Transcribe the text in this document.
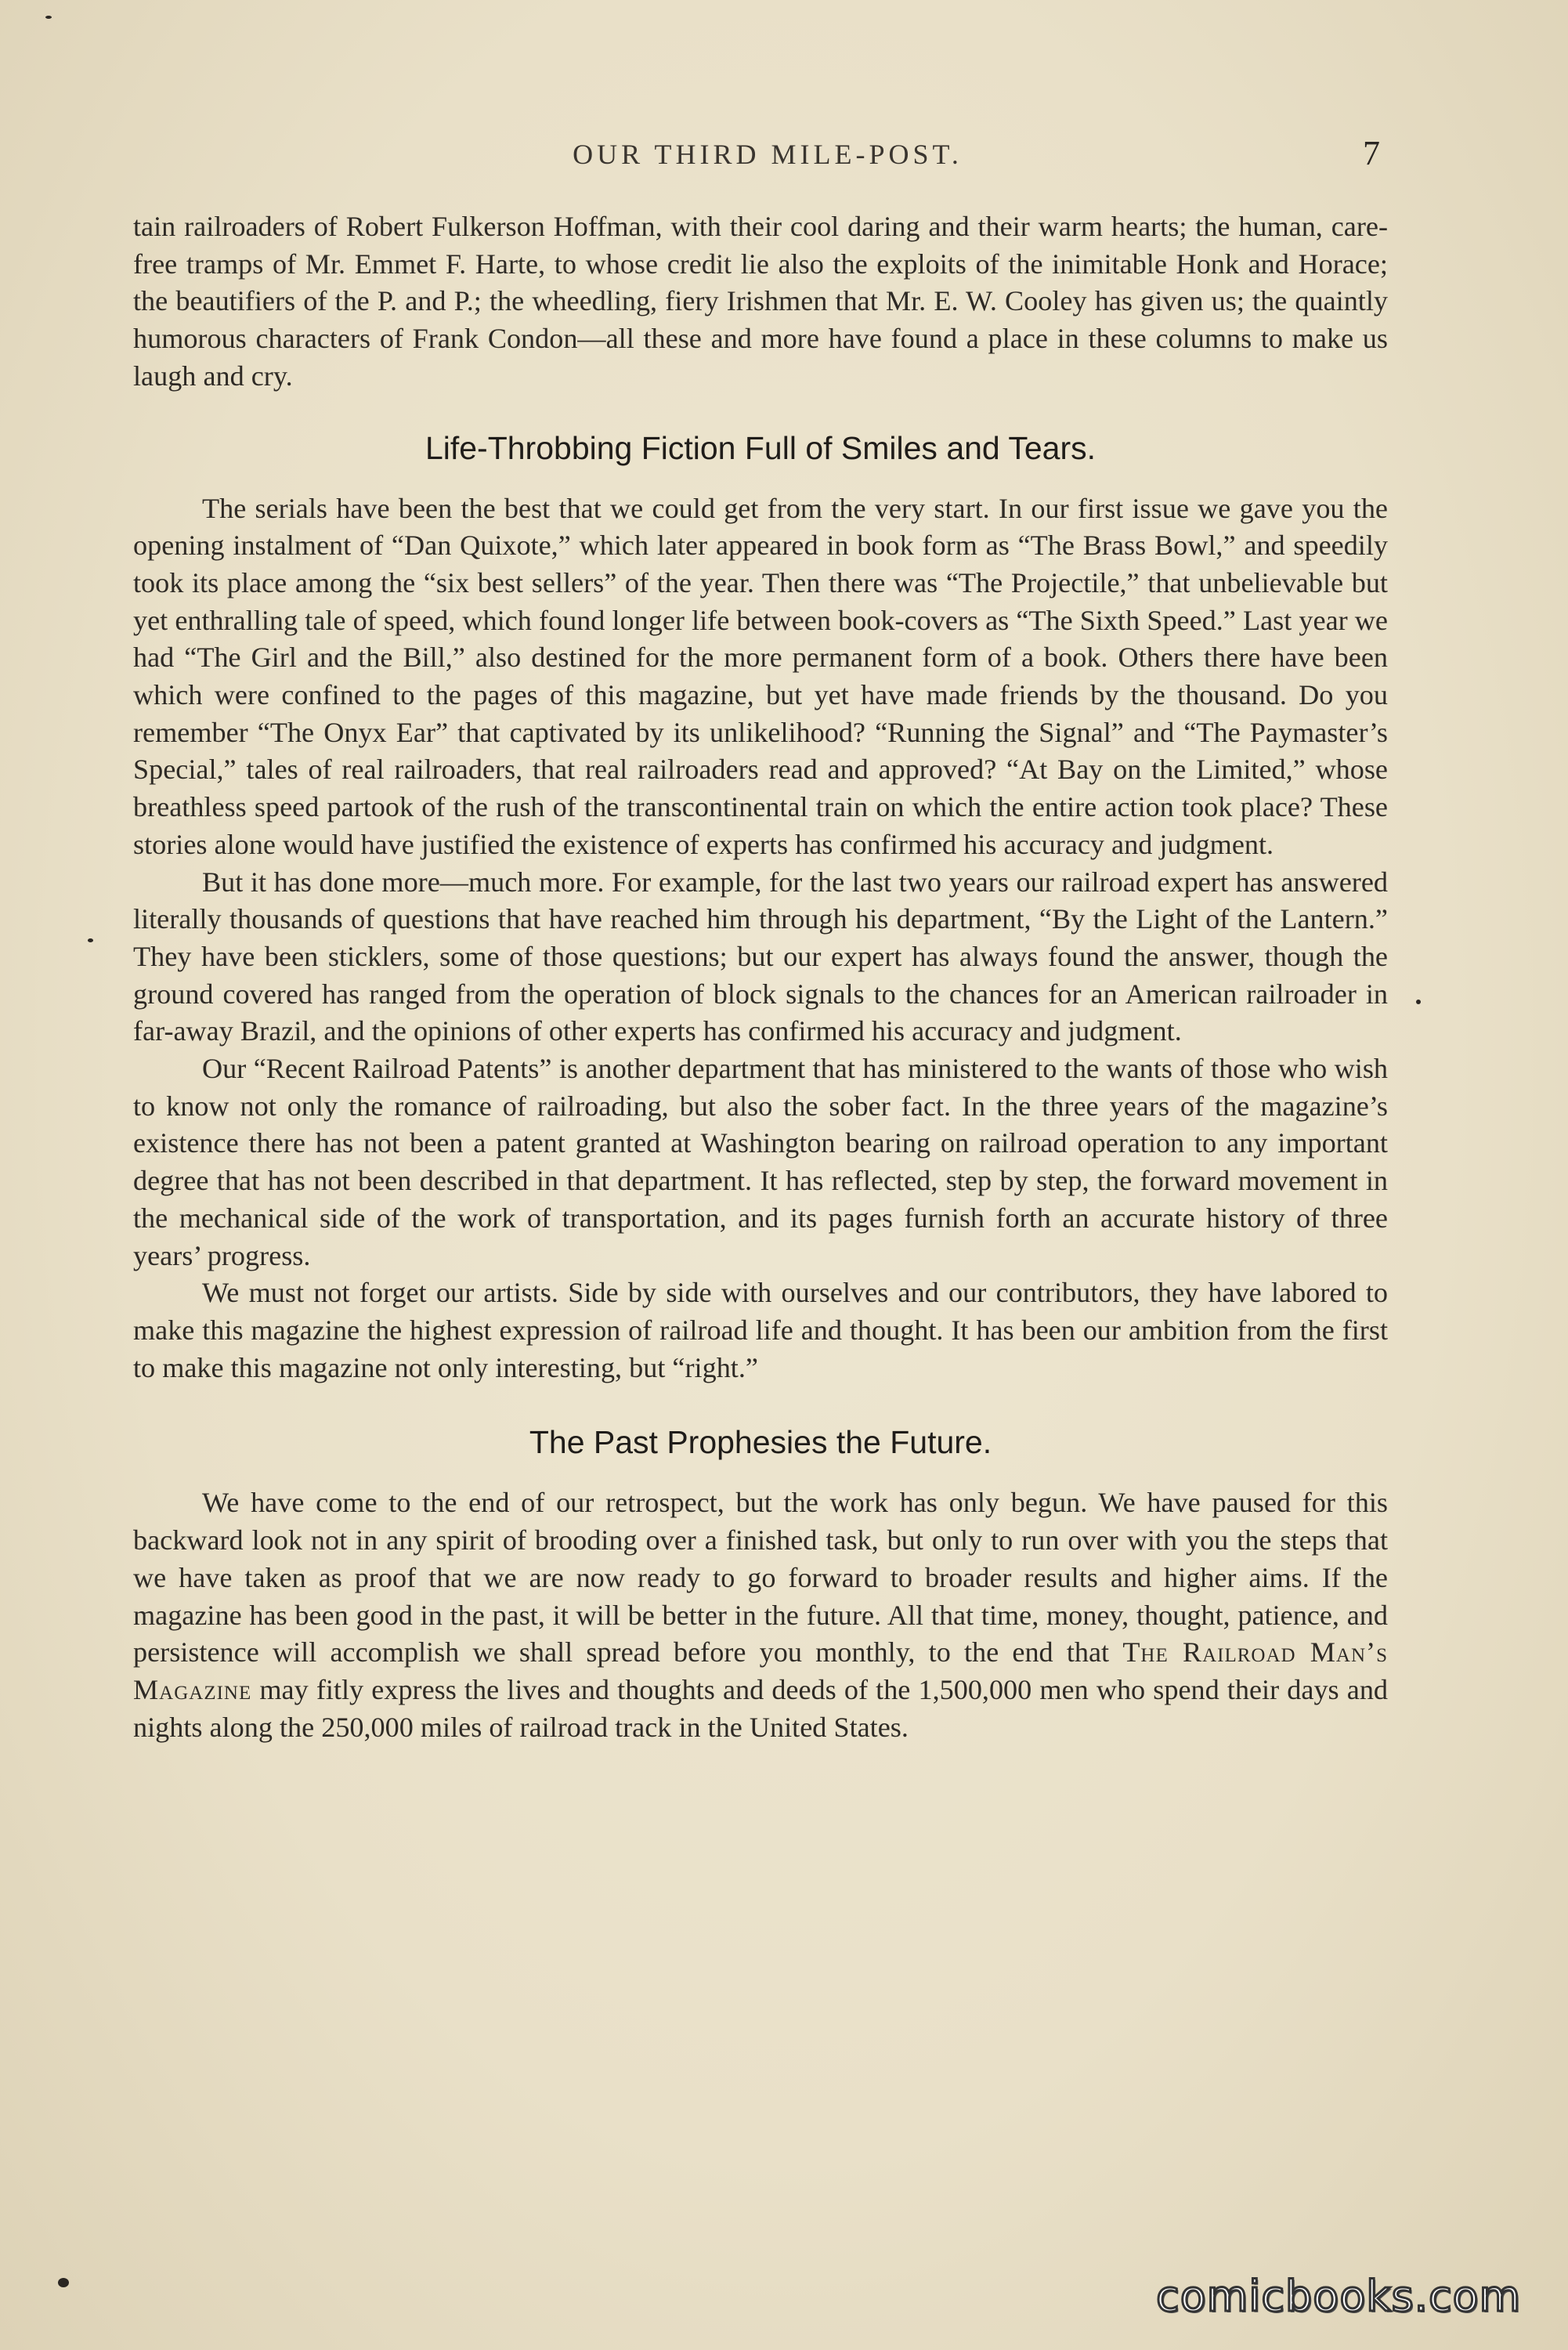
OUR THIRD MILE-POST.	7

tain railroaders of Robert Fulkerson Hoffman, with their cool daring and their warm hearts; the human, care-free tramps of Mr. Emmet F. Harte, to whose credit lie also the exploits of the inimitable Honk and Horace; the beautifiers of the P. and P.; the wheedling, fiery Irishmen that Mr. E. W. Cooley has given us; the quaintly humorous characters of Frank Condon—all these and more have found a place in these columns to make us laugh and cry.

Life-Throbbing Fiction Full of Smiles and Tears.

The serials have been the best that we could get from the very start. In our first issue we gave you the opening instalment of “Dan Quixote,” which later appeared in book form as “The Brass Bowl,” and speedily took its place among the “six best sellers” of the year. Then there was “The Projectile,” that unbelievable but yet enthralling tale of speed, which found longer life between book-covers as “The Sixth Speed.” Last year we had “The Girl and the Bill,” also destined for the more permanent form of a book. Others there have been which were confined to the pages of this magazine, but yet have made friends by the thousand. Do you remember “The Onyx Ear” that captivated by its unlikelihood? “Running the Signal” and “The Paymaster’s Special,” tales of real railroaders, that real railroaders read and approved? “At Bay on the Limited,” whose breathless speed partook of the rush of the transcontinental train on which the entire action took place? These stories alone would have justified the existence of experts has confirmed his accuracy and judgment.

But it has done more—much more. For example, for the last two years our railroad expert has answered literally thousands of questions that have reached him through his department, “By the Light of the Lantern.” They have been sticklers, some of those questions; but our expert has always found the answer, though the ground covered has ranged from the operation of block signals to the chances for an American railroader in far-away Brazil, and the opinions of other experts has confirmed his accuracy and judgment.

Our “Recent Railroad Patents” is another department that has ministered to the wants of those who wish to know not only the romance of railroading, but also the sober fact. In the three years of the magazine’s existence there has not been a patent granted at Washington bearing on railroad operation to any important degree that has not been described in that department. It has reflected, step by step, the forward movement in the mechanical side of the work of transportation, and its pages furnish forth an accurate history of three years’ progress.

We must not forget our artists. Side by side with ourselves and our contributors, they have labored to make this magazine the highest expression of railroad life and thought. It has been our ambition from the first to make this magazine not only interesting, but “right.”

The Past Prophesies the Future.

We have come to the end of our retrospect, but the work has only begun. We have paused for this backward look not in any spirit of brooding over a finished task, but only to run over with you the steps that we have taken as proof that we are now ready to go forward to broader results and higher aims. If the magazine has been good in the past, it will be better in the future. All that time, money, thought, patience, and persistence will accomplish we shall spread before you monthly, to the end that The Railroad Man’s Magazine may fitly express the lives and thoughts and deeds of the 1,500,000 men who spend their days and nights along the 250,000 miles of railroad track in the United States.

comicbooks.com
